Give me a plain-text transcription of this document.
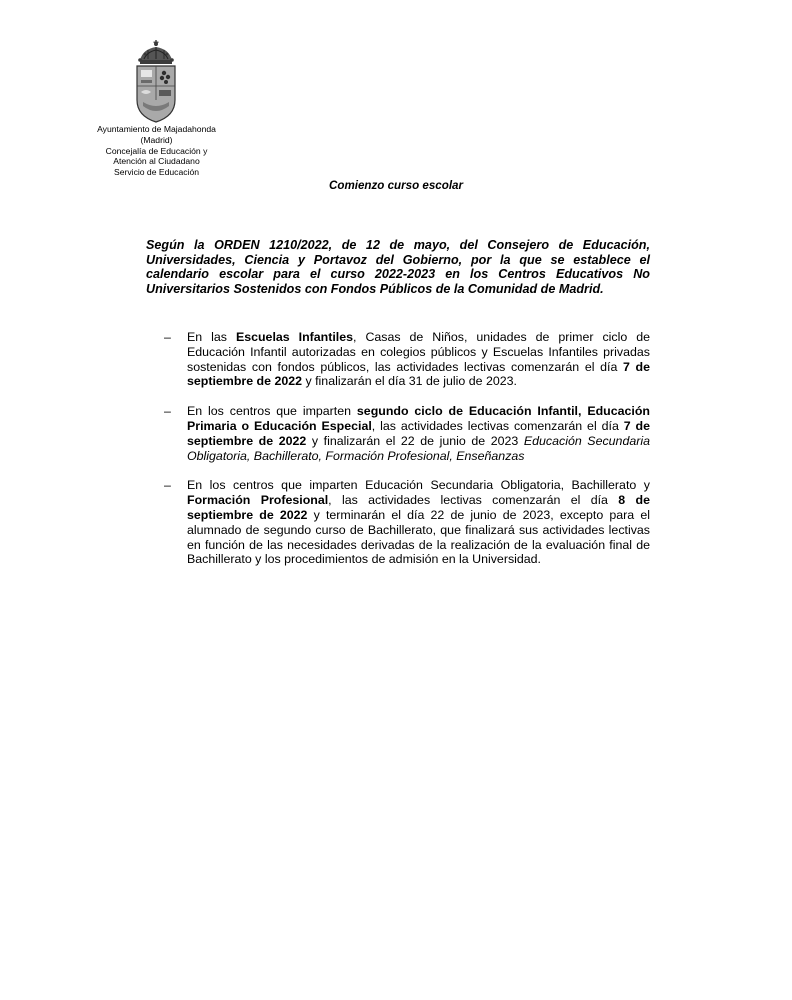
Ayuntamiento de Majadahonda
(Madrid)
Concejalía de Educación y
Atención al Ciudadano
Servicio de Educación
Comienzo curso escolar

Según la ORDEN 1210/2022, de 12 de mayo, del Consejero de Educación, Universidades, Ciencia y Portavoz del Gobierno, por la que se establece el calendario escolar para el curso 2022-2023 en los Centros Educativos No Universitarios Sostenidos con Fondos Públicos de la Comunidad de Madrid.

– En las Escuelas Infantiles, Casas de Niños, unidades de primer ciclo de Educación Infantil autorizadas en colegios públicos y Escuelas Infantiles privadas sostenidas con fondos públicos, las actividades lectivas comenzarán el día 7 de septiembre de 2022 y finalizarán el día 31 de julio de 2023.
– En los centros que imparten segundo ciclo de Educación Infantil, Educación Primaria o Educación Especial, las actividades lectivas comenzarán el día 7 de septiembre de 2022 y finalizarán el 22 de junio de 2023 Educación Secundaria Obligatoria, Bachillerato, Formación Profesional, Enseñanzas
– En los centros que imparten Educación Secundaria Obligatoria, Bachillerato y Formación Profesional, las actividades lectivas comenzarán el día 8 de septiembre de 2022 y terminarán el día 22 de junio de 2023, excepto para el alumnado de segundo curso de Bachillerato, que finalizará sus actividades lectivas en función de las necesidades derivadas de la realización de la evaluación final de Bachillerato y los procedimientos de admisión en la Universidad.
